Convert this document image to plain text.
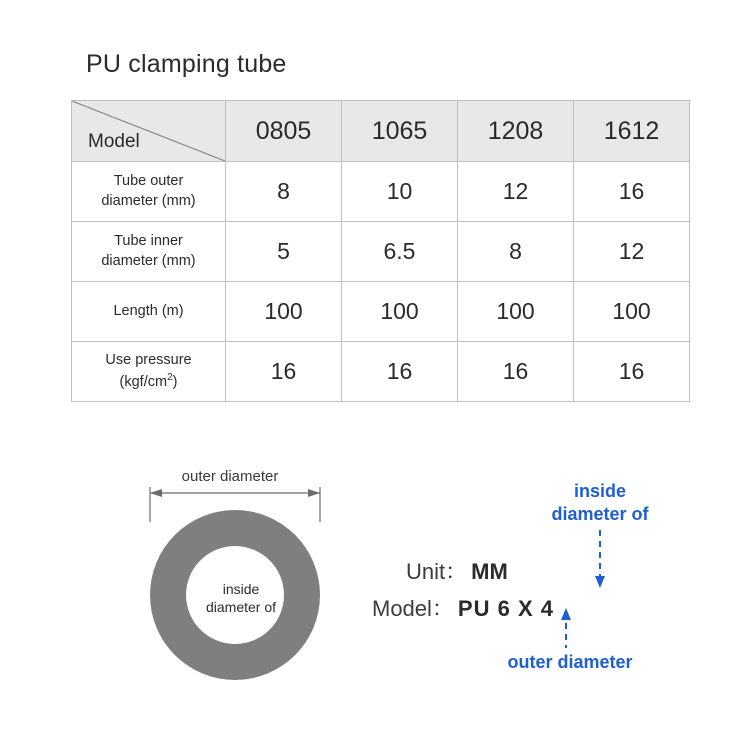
PU clamping tube
Model	0805	1065	1208	1612

Tube outer
diameter (mm)	8	10	12	16

Tube inner
diameter (mm)	5	6.5	8	12

Length (m)	100	100	100	100

Use pressure
$(kgf/cm^2)$	16	16	16	16
outer diameter
inside
diameter of
inside
diameter of
Unit： MM
Model： PU 6 X 4
outer diameter
